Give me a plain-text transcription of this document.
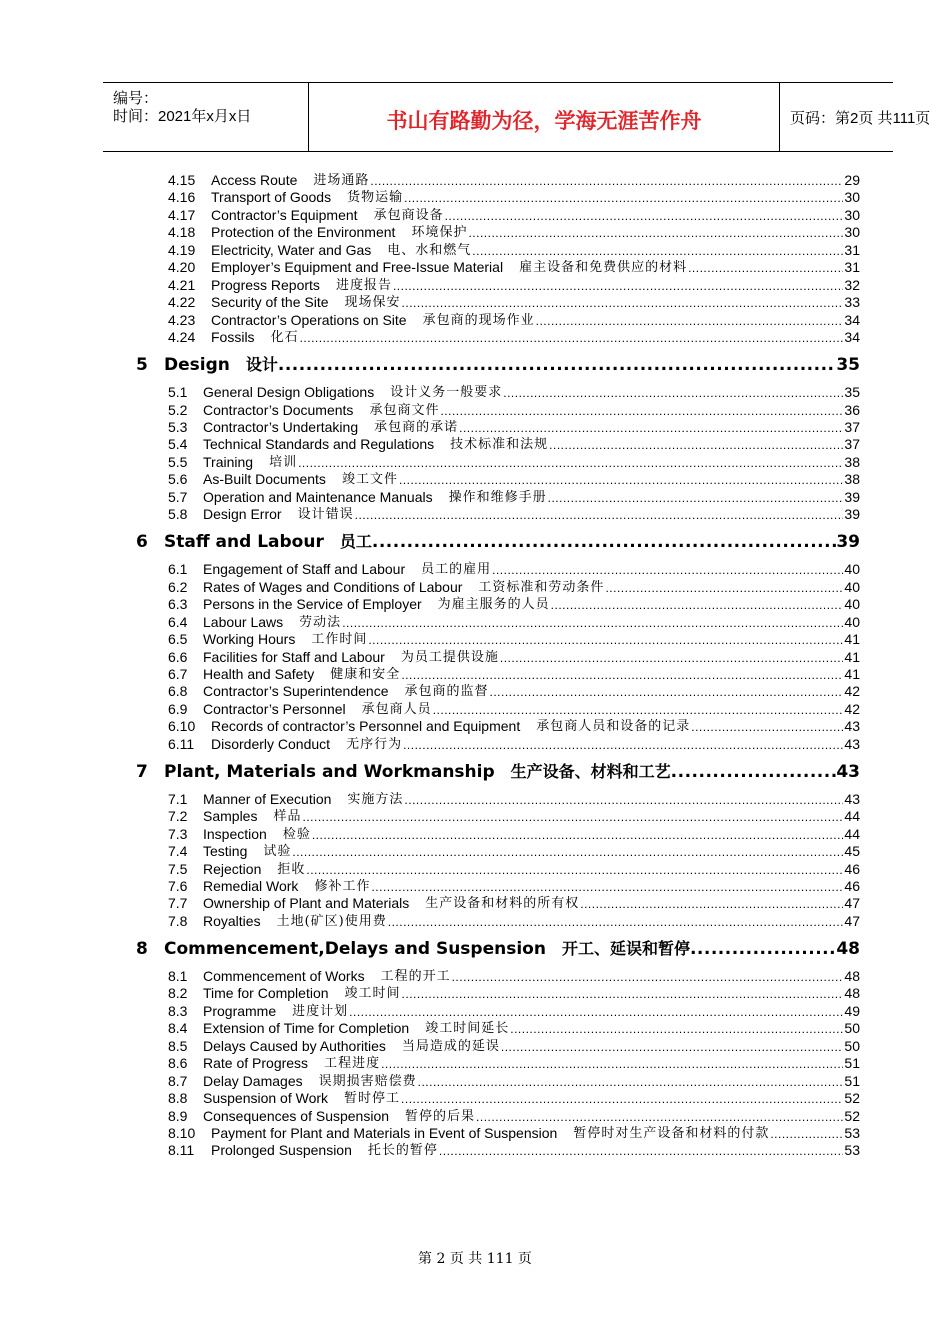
编号：
时间：2021年x月x日	书山有路勤为径，学海无涯苦作舟	页码：第2页 共111页
4.15	Access Route 进场通路 .....	29
4.16	Transport of Goods 货物运输 .....	30
4.17	Contractor’s Equipment 承包商设备 .....	30
4.18	Protection of the Environment 环境保护 .....	30
4.19	Electricity, Water and Gas 电、水和燃气 .....	31
4.20	Employer’s Equipment and Free-Issue Material 雇主设备和免费供应的材料 .....	31
4.21	Progress Reports 进度报告 .....	32
4.22	Security of the Site 现场保安 .....	33
4.23	Contractor’s Operations on Site 承包商的现场作业 .....	34
4.24	Fossils 化石 .....	34
5 Design 设计 .....	35
5.1	General Design Obligations 设计义务一般要求 .....	35
5.2	Contractor’s Documents 承包商文件 .....	36
5.3	Contractor’s Undertaking 承包商的承诺 .....	37
5.4	Technical Standards and Regulations 技术标准和法规 .....	37
5.5	Training 培训 .....	38
5.6	As-Built Documents 竣工文件 .....	38
5.7	Operation and Maintenance Manuals 操作和维修手册 .....	39
5.8	Design Error 设计错误 .....	39
6 Staff and Labour 员工 .....	39
6.1	Engagement of Staff and Labour 员工的雇用 .....	40
6.2	Rates of Wages and Conditions of Labour 工资标准和劳动条件 .....	40
6.3	Persons in the Service of Employer 为雇主服务的人员 .....	40
6.4	Labour Laws 劳动法 .....	40
6.5	Working Hours 工作时间 .....	41
6.6	Facilities for Staff and Labour 为员工提供设施 .....	41
6.7	Health and Safety 健康和安全 .....	41
6.8	Contractor’s Superintendence 承包商的监督 .....	42
6.9	Contractor’s Personnel 承包商人员 .....	42
6.10	Records of contractor’s Personnel and Equipment 承包商人员和设备的记录 .....	43
6.11	Disorderly Conduct 无序行为 .....	43
7 Plant, Materials and Workmanship 生产设备、材料和工艺 .....	43
7.1	Manner of Execution 实施方法 .....	43
7.2	Samples 样品 .....	44
7.3	Inspection 检验 .....	44
7.4	Testing 试验 .....	45
7.5	Rejection 拒收 .....	46
7.6	Remedial Work 修补工作 .....	46
7.7	Ownership of Plant and Materials 生产设备和材料的所有权 .....	47
7.8	Royalties 土地(矿区)使用费 .....	47
8 Commencement,Delays and Suspension 开工、延误和暂停 .....	48
8.1	Commencement of Works 工程的开工 .....	48
8.2	Time for Completion 竣工时间 .....	48
8.3	Programme 进度计划 .....	49
8.4	Extension of Time for Completion 竣工时间延长 .....	50
8.5	Delays Caused by Authorities 当局造成的延误 .....	50
8.6	Rate of Progress 工程进度 .....	51
8.7	Delay Damages 误期损害赔偿费 .....	51
8.8	Suspension of Work 暂时停工 .....	52
8.9	Consequences of Suspension 暂停的后果 .....	52
8.10	Payment for Plant and Materials in Event of Suspension 暂停时对生产设备和材料的付款 .....	53
8.11	Prolonged Suspension 托长的暂停 .....	53
第 2 页 共 111 页
